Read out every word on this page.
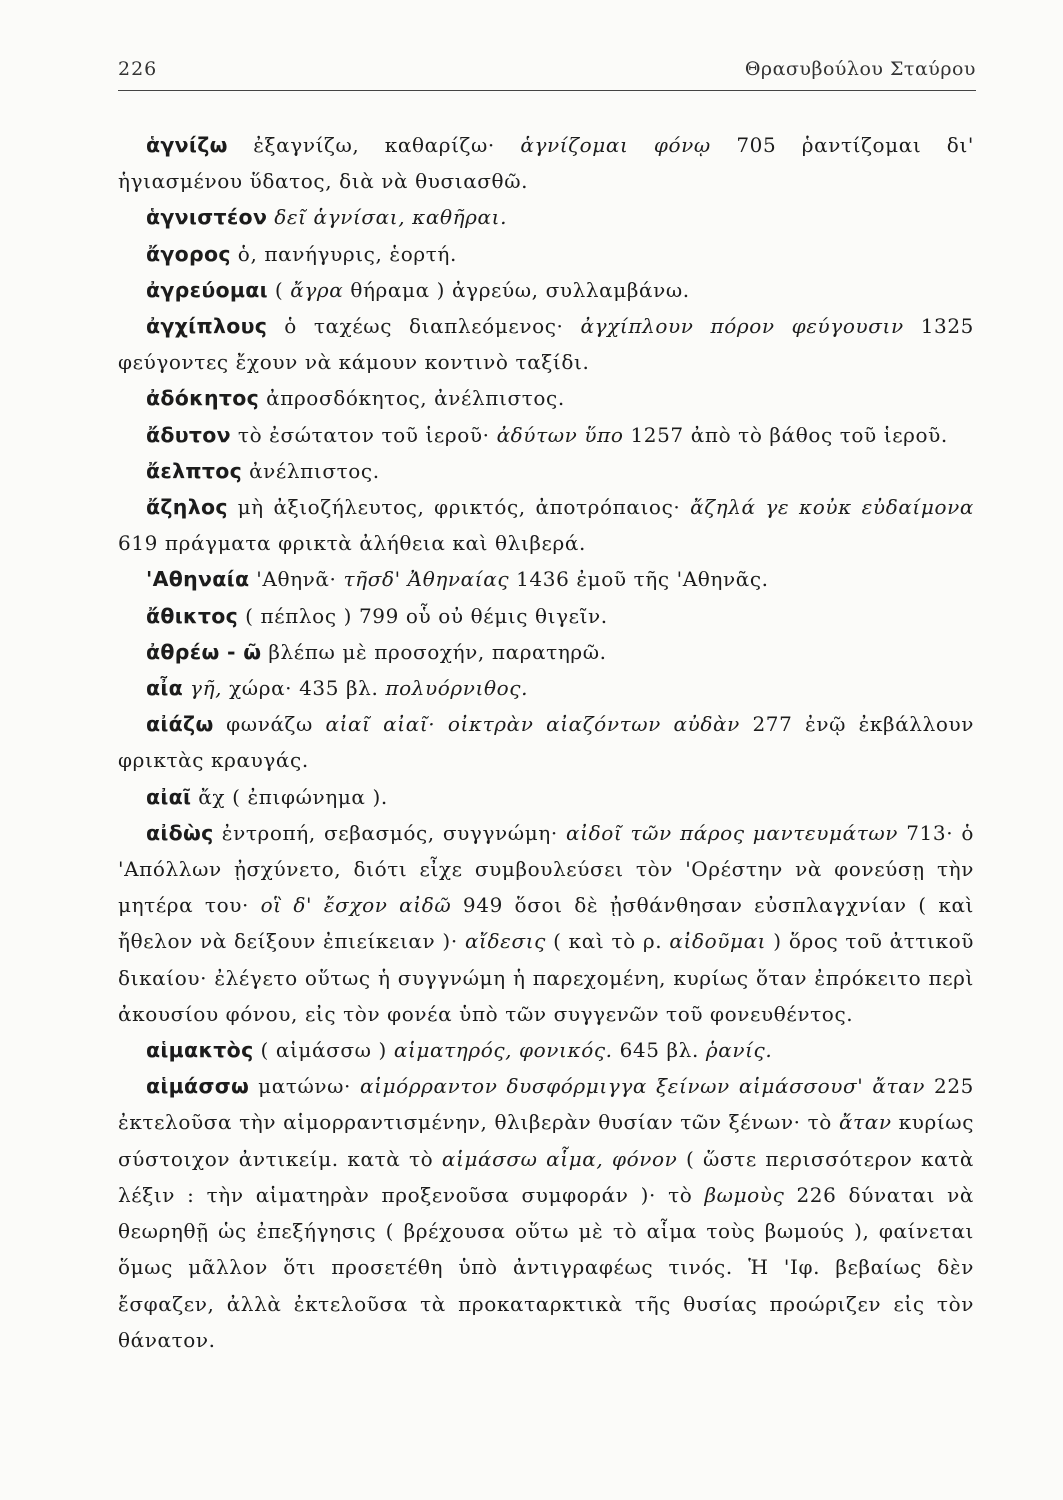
226	Θρασυβούλου Σταύρου

ἁγνίζω ἐξαγνίζω, καθαρίζω· ἁγνίζομαι φόνῳ 705 ῥαντίζομαι δι' ἡγιασμένου ὕδατος, διὰ νὰ θυσιασθῶ.

ἁγνιστέον δεῖ ἁγνίσαι, καθῆραι.

ἄγορος ὁ, πανήγυρις, ἑορτή.

ἀγρεύομαι ( ἄγρα θήραμα ) ἀγρεύω, συλλαμβάνω.

ἀγχίπλους ὁ ταχέως διαπλεόμενος· ἀγχίπλουν πόρον φεύγουσιν 1325 φεύγοντες ἔχουν νὰ κάμουν κοντινὸ ταξίδι.

ἀδόκητος ἀπροσδόκητος, ἀνέλπιστος.

ἄδυτον τὸ ἐσώτατον τοῦ ἱεροῦ· ἀδύτων ὕπο 1257 ἀπὸ τὸ βάθος τοῦ ἱεροῦ.

ἄελπτος ἀνέλπιστος.

ἄζηλος μὴ ἀξιοζήλευτος, φρικτός, ἀποτρόπαιος· ἄζηλά γε κοὐκ εὐδαίμονα 619 πράγματα φρικτὰ ἀλήθεια καὶ θλιβερά.

'Αθηναία 'Αθηνᾶ· τῆσδ' Ἀθηναίας 1436 ἐμοῦ τῆς 'Αθηνᾶς.

ἄθικτος ( πέπλος ) 799 οὗ οὐ θέμις θιγεῖν.

ἀθρέω - ῶ βλέπω μὲ προσοχήν, παρατηρῶ.

αἶα γῆ, χώρα· 435 βλ. πολυόρνιθος.

αἰάζω φωνάζω αἰαῖ αἰαῖ· οἰκτρὰν αἰαζόντων αὐδὰν 277 ἐνῷ ἐκβάλλουν φρικτὰς κραυγάς.

αἰαῖ ἄχ ( ἐπιφώνημα ).

αἰδὼς ἐντροπή, σεβασμός, συγγνώμη· αἰδοῖ τῶν πάρος μαντευμάτων 713· ὁ 'Απόλλων ᾐσχύνετο, διότι εἶχε συμβουλεύσει τὸν 'Ορέστην νὰ φονεύσῃ τὴν μητέρα του· οἳ δ' ἔσχον αἰδῶ 949 ὅσοι δὲ ᾐσθάνθησαν εὐσπλαγχνίαν ( καὶ ἤθελον νὰ δείξουν ἐπιείκειαν )· αἴδεσις ( καὶ τὸ ρ. αἰδοῦμαι ) ὅρος τοῦ ἀττικοῦ δικαίου· ἐλέγετο οὕτως ἡ συγγνώμη ἡ παρεχομένη, κυρίως ὅταν ἐπρόκειτο περὶ ἀκουσίου φόνου, εἰς τὸν φονέα ὑπὸ τῶν συγγενῶν τοῦ φονευθέντος.

αἱμακτὸς ( αἱμάσσω ) αἱματηρός, φονικός. 645 βλ. ῥανίς.

αἱμάσσω ματώνω· αἱμόρραντον δυσφόρμιγγα ξείνων αἱμάσσουσ' ἄταν 225 ἐκτελοῦσα τὴν αἱμορραντισμένην, θλιβερὰν θυσίαν τῶν ξένων· τὸ ἄταν κυρίως σύστοιχον ἀντικείμ. κατὰ τὸ αἱμάσσω αἷμα, φόνον ( ὥστε περισσότερον κατὰ λέξιν : τὴν αἱματηρὰν προξενοῦσα συμφοράν )· τὸ βωμοὺς 226 δύναται νὰ θεωρηθῇ ὡς ἐπεξήγησις ( βρέχουσα οὕτω μὲ τὸ αἷμα τοὺς βωμούς ), φαίνεται ὅμως μᾶλλον ὅτι προσετέθη ὑπὸ ἀντιγραφέως τινός. Ἡ 'Ιφ. βεβαίως δὲν ἔσφαζεν, ἀλλὰ ἐκτελοῦσα τὰ προκαταρκτικὰ τῆς θυσίας προώριζεν εἰς τὸν θάνατον.
